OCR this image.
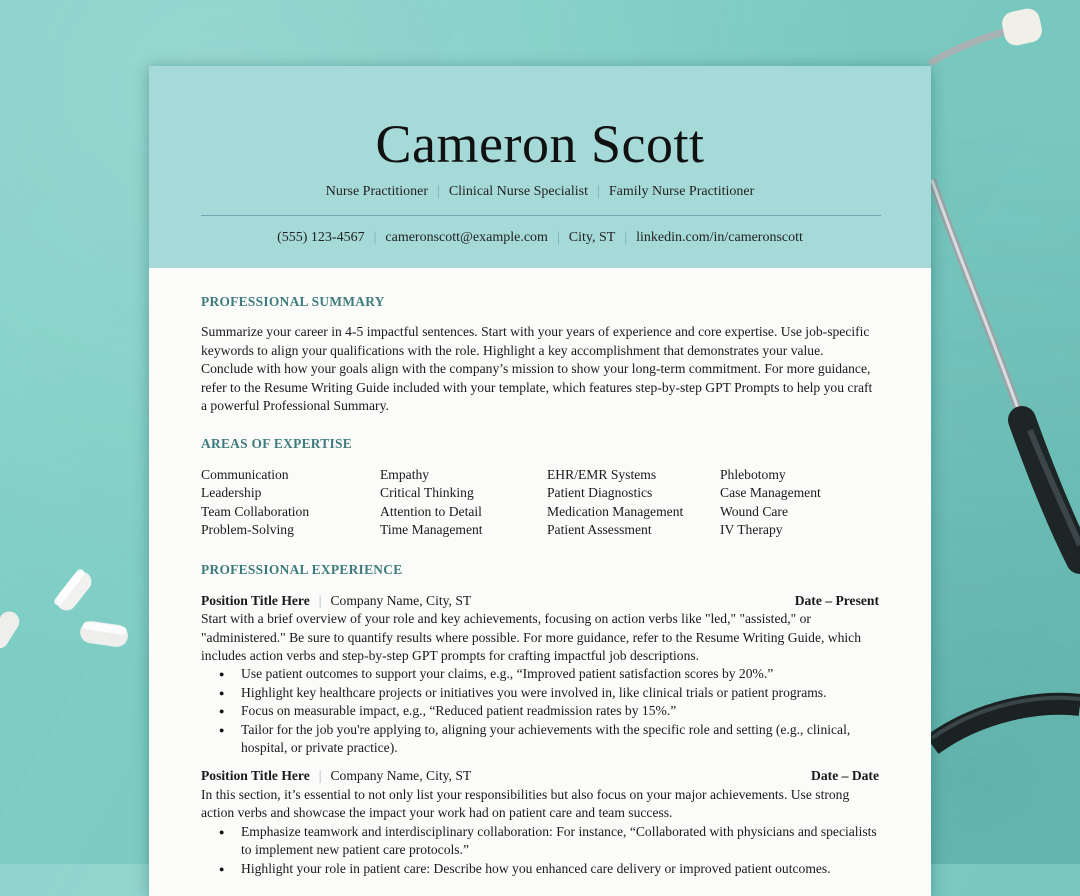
Cameron Scott
Nurse Practitioner | Clinical Nurse Specialist | Family Nurse Practitioner
(555) 123-4567 | cameronscott@example.com | City, ST | linkedin.com/in/cameronscott
PROFESSIONAL SUMMARY

Summarize your career in 4-5 impactful sentences. Start with your years of experience and core expertise. Use job-specific keywords to align your qualifications with the role. Highlight a key accomplishment that demonstrates your value. Conclude with how your goals align with the company’s mission to show your long-term commitment. For more guidance, refer to the Resume Writing Guide included with your template, which features step-by-step GPT Prompts to help you craft a powerful Professional Summary.

AREAS OF EXPERTISE
Communication
Leadership
Team Collaboration
Problem-Solving
Empathy
Critical Thinking
Attention to Detail
Time Management
EHR/EMR Systems
Patient Diagnostics
Medication Management
Patient Assessment
Phlebotomy
Case Management
Wound Care
IV Therapy
PROFESSIONAL EXPERIENCE
Position Title Here | Company Name, City, ST	Date – Present

Start with a brief overview of your role and key achievements, focusing on action verbs like "led," "assisted," or "administered." Be sure to quantify results where possible. For more guidance, refer to the Resume Writing Guide, which includes action verbs and step-by-step GPT prompts for crafting impactful job descriptions.

● Use patient outcomes to support your claims, e.g., “Improved patient satisfaction scores by 20%.”
● Highlight key healthcare projects or initiatives you were involved in, like clinical trials or patient programs.
● Focus on measurable impact, e.g., “Reduced patient readmission rates by 15%.”
● Tailor for the job you're applying to, aligning your achievements with the specific role and setting (e.g., clinical, hospital, or private practice).
Position Title Here | Company Name, City, ST	Date – Date

In this section, it’s essential to not only list your responsibilities but also focus on your major achievements. Use strong action verbs and showcase the impact your work had on patient care and team success.

● Emphasize teamwork and interdisciplinary collaboration: For instance, “Collaborated with physicians and specialists to implement new patient care protocols.”
● Highlight your role in patient care: Describe how you enhanced care delivery or improved patient outcomes.
